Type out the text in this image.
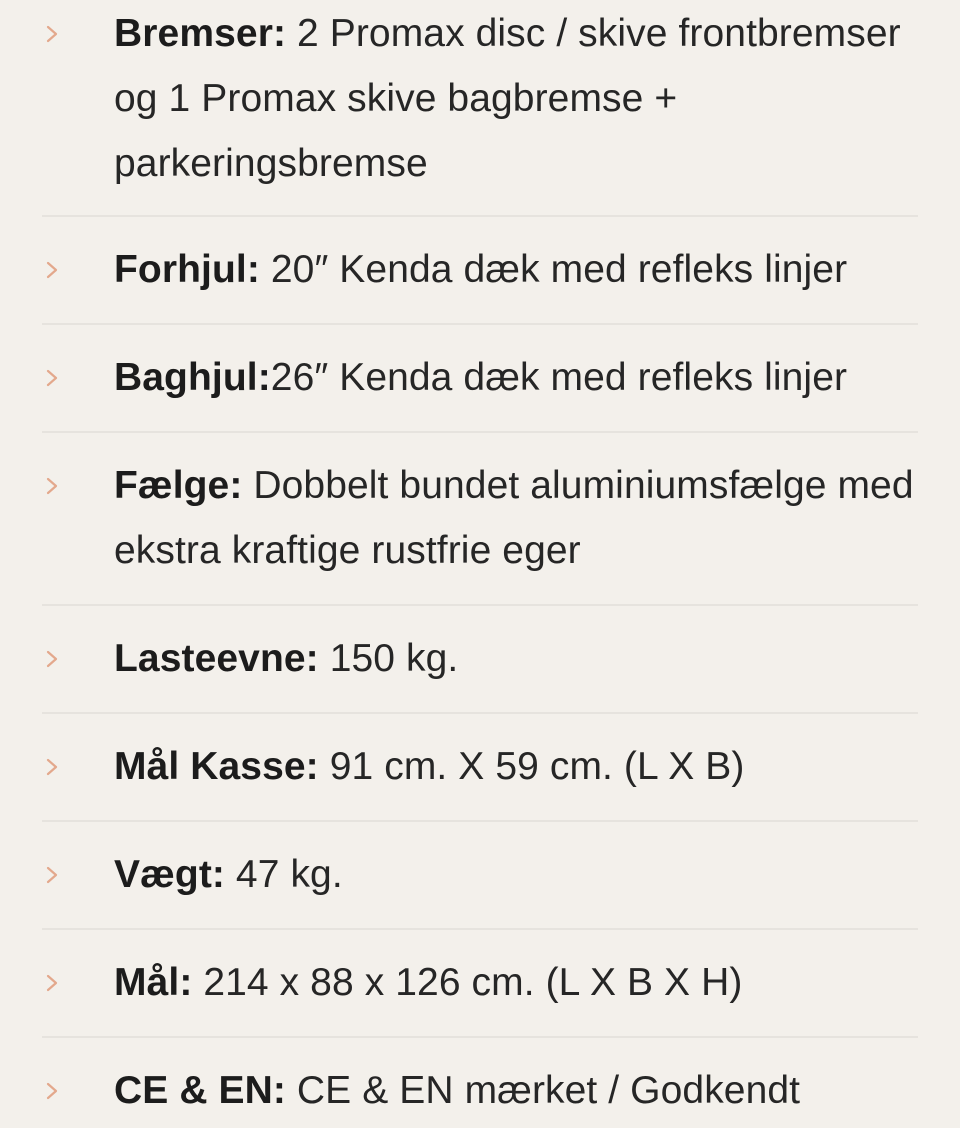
Bremser: 2 Promax disc / skive frontbremser og 1 Promax skive bagbremse + parkeringsbremse
Forhjul: 20″ Kenda dæk med refleks linjer
Baghjul:26″ Kenda dæk med refleks linjer
Fælge: Dobbelt bundet aluminiumsfælge med ekstra kraftige rustfrie eger
Lasteevne: 150 kg.
Mål Kasse: 91 cm. X 59 cm. (L X B)
Vægt: 47 kg.
Mål: 214 x 88 x 126 cm. (L X B X H)
CE & EN: CE & EN mærket / Godkendt
